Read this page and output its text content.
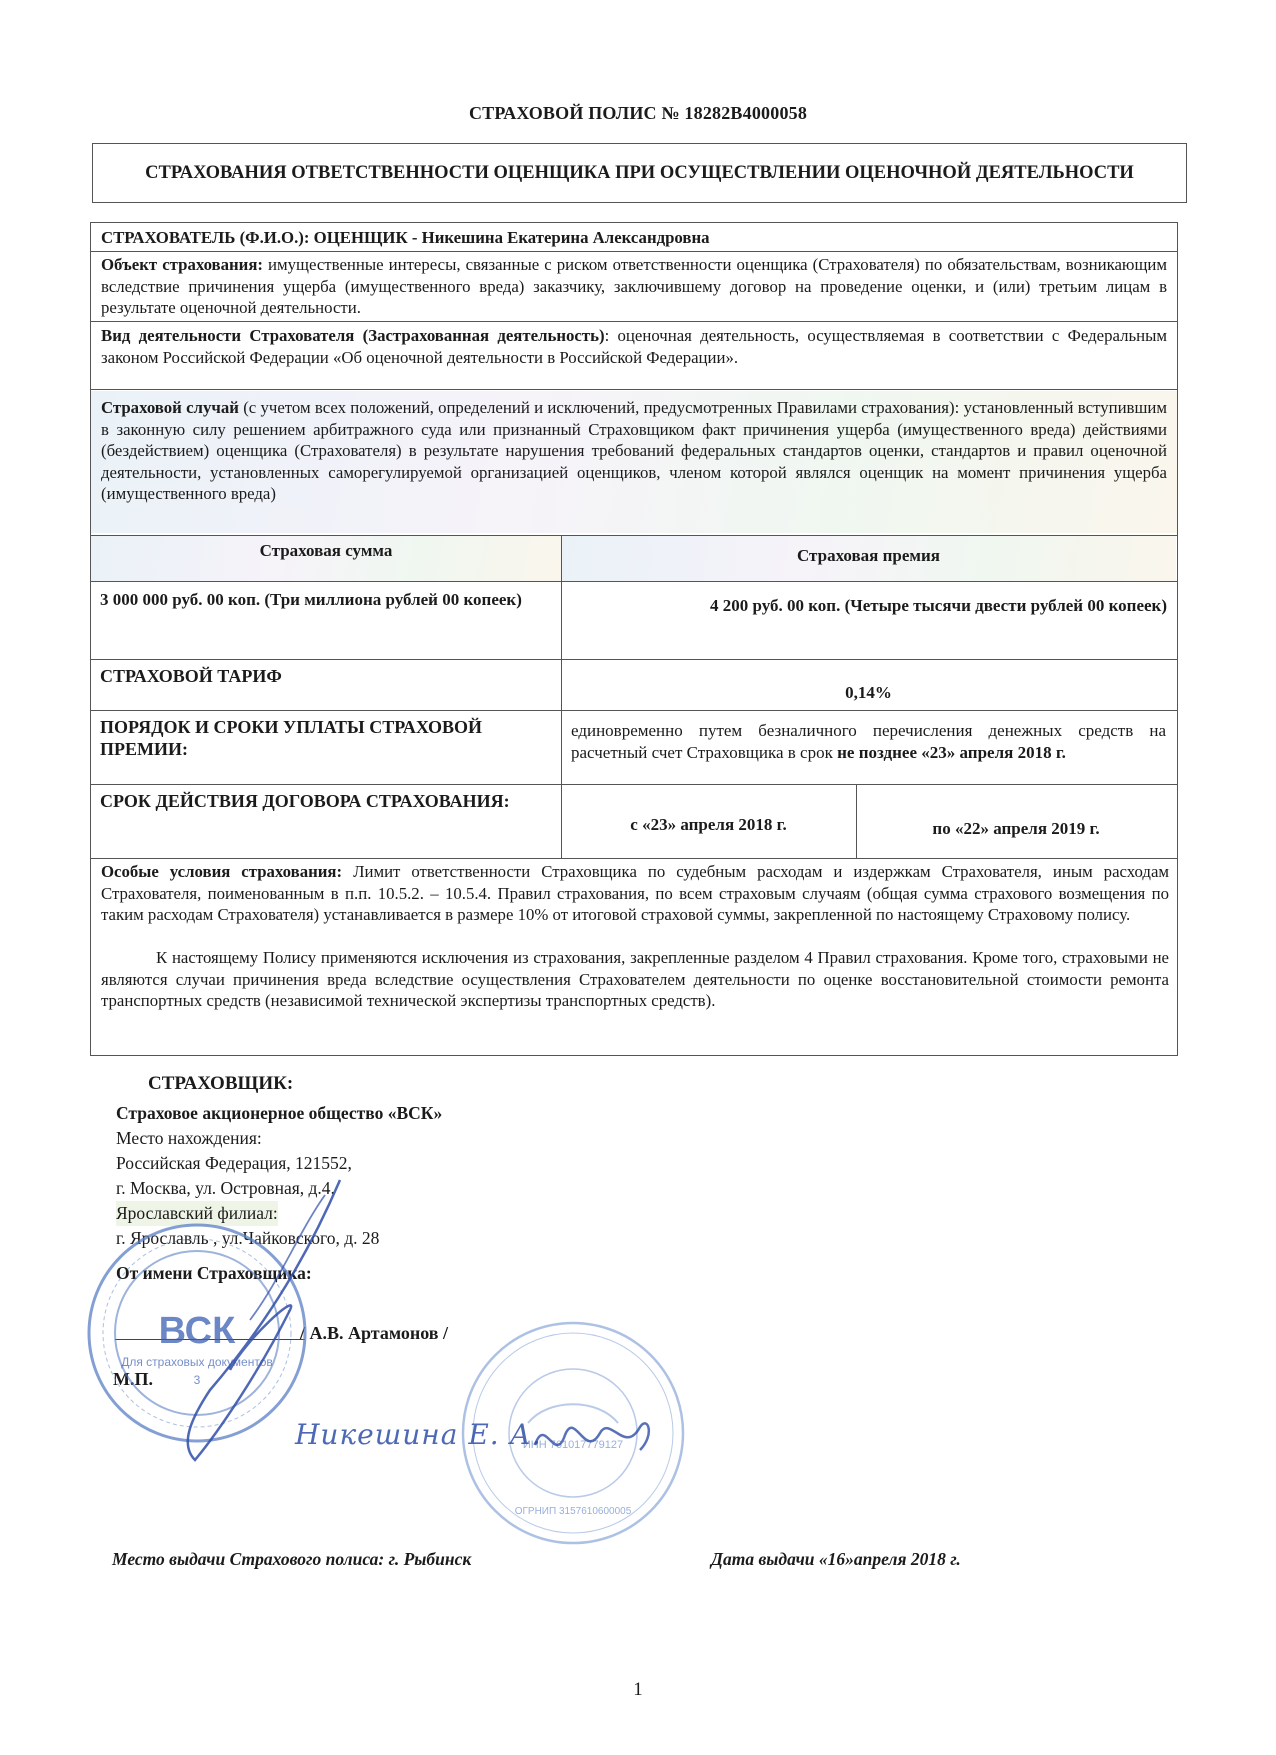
СТРАХОВОЙ ПОЛИС № 18282B4000058
СТРАХОВАНИЯ ОТВЕТСТВЕННОСТИ ОЦЕНЩИКА ПРИ ОСУЩЕСТВЛЕНИИ ОЦЕНОЧНОЙ ДЕЯТЕЛЬНОСТИ
СТРАХОВАТЕЛЬ (Ф.И.О.): ОЦЕНЩИК - Никешина Екатерина Александровна
Объект страхования: имущественные интересы, связанные с риском ответственности оценщика (Страхователя) по обязательствам, возникающим вследствие причинения ущерба (имущественного вреда) заказчику, заключившему договор на проведение оценки, и (или) третьим лицам в результате оценочной деятельности.
Вид деятельности Страхователя (Застрахованная деятельность): оценочная деятельность, осуществляемая в соответствии с Федеральным законом Российской Федерации «Об оценочной деятельности в Российской Федерации».
Страховой случай (с учетом всех положений, определений и исключений, предусмотренных Правилами страхования): установленный вступившим в законную силу решением арбитражного суда или признанный Страховщиком факт причинения ущерба (имущественного вреда) действиями (бездействием) оценщика (Страхователя) в результате нарушения требований федеральных стандартов оценки, стандартов и правил оценочной деятельности, установленных саморегулируемой организацией оценщиков, членом которой являлся оценщик на момент причинения ущерба (имущественного вреда)
Страховая сумма	Страховая премия
3 000 000 руб. 00 коп. (Три миллиона рублей 00 копеек)	4 200 руб. 00 коп. (Четыре тысячи двести рублей 00 копеек)
СТРАХОВОЙ ТАРИФ
0,14%
ПОРЯДОК И СРОКИ УПЛАТЫ СТРАХОВОЙ ПРЕМИИ:
единовременно путем безналичного перечисления денежных средств на расчетный счет Страховщика в срок не позднее «23» апреля 2018 г.
СРОК ДЕЙСТВИЯ ДОГОВОРА СТРАХОВАНИЯ:
с «23» апреля 2018 г.	по «22» апреля 2019 г.
Особые условия страхования: Лимит ответственности Страховщика по судебным расходам и издержкам Страхователя, иным расходам Страхователя, поименованным в п.п. 10.5.2. – 10.5.4. Правил страхования, по всем страховым случаям (общая сумма страхового возмещения по таким расходам Страхователя) устанавливается в размере 10% от итоговой страховой суммы, закрепленной по настоящему Страховому полису.
К настоящему Полису применяются исключения из страхования, закрепленные разделом 4 Правил страхования. Кроме того, страховыми не являются случаи причинения вреда вследствие осуществления Страхователем деятельности по оценке восстановительной стоимости ремонта транспортных средств (независимой технической экспертизы транспортных средств).
СТРАХОВЩИК:
Страховое акционерное общество «ВСК»
Место нахождения:
Российская Федерация, 121552,
г. Москва, ул. Островная, д.4.
Ярославский филиал:
г. Ярославль , ул.Чайковского, д. 28
От имени Страховщика:
/ А.В. Артамонов /
М.П.
ВСК
Для страховых документов
3
ИНН 761017779127
ОГРНИП 3157610600005
Никешина Е. А.
Место выдачи Страхового полиса: г. Рыбинск	Дата выдачи «16»апреля 2018 г.
1
